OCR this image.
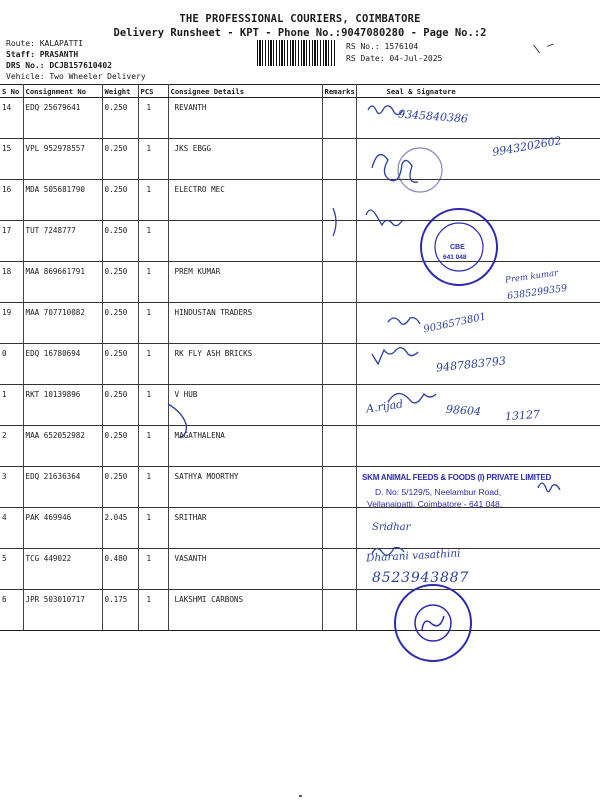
THE PROFESSIONAL COURIERS, COIMBATORE
Delivery Runsheet - KPT - Phone No.:9047080280 - Page No.:2
Route: KALAPATTI
Staff: PRASANTH
DRS No.: DCJB157610402
Vehicle: Two Wheeler Delivery
RS No.: 1576104
RS Date: 04-Jul-2025
∖ —
S No	Consignment No	Weight	PCS	Consignee Details	Remarks	Seal & Signature
14	EDQ 25679641	0.250	1	REVANTH		
15	VPL 952978557	0.250	1	JKS EBGG		
16	MDA 505681790	0.250	1	ELECTRO MEC		
17	TUT 7248777	0.250	1			
18	MAA 869661791	0.250	1	PREM KUMAR		
19	MAA 707710082	0.250	1	HINDUSTAN TRADERS		
0	EDQ 16780694	0.250	1	RK FLY ASH BRICKS		
1	RKT 10139896	0.250	1	V HUB		
2	MAA 652052982	0.250	1	MAGATHALENA		
3	EDQ 21636364	0.250	1	SATHYA MOORTHY		
4	PAK 469946	2.045	1	SRITHAR		
5	TCG 449022	0.480	1	VASANTH		
6	JPR 503010717	0.175	1	LAKSHMI CARBONS		
9345840386
9943202602
Prem kumar
6385299359
9036573801
9487883793
A.rijad	98604 13127
Sridhar
Dharani vasathini
8523943887
CBE
641 048
SKM ANIMAL FEEDS & FOODS (I) PRIVATE LIMITED
D. No: 5/129/5, Neelambur Road,
Vellanaipatti, Coimbatore - 641 048.
